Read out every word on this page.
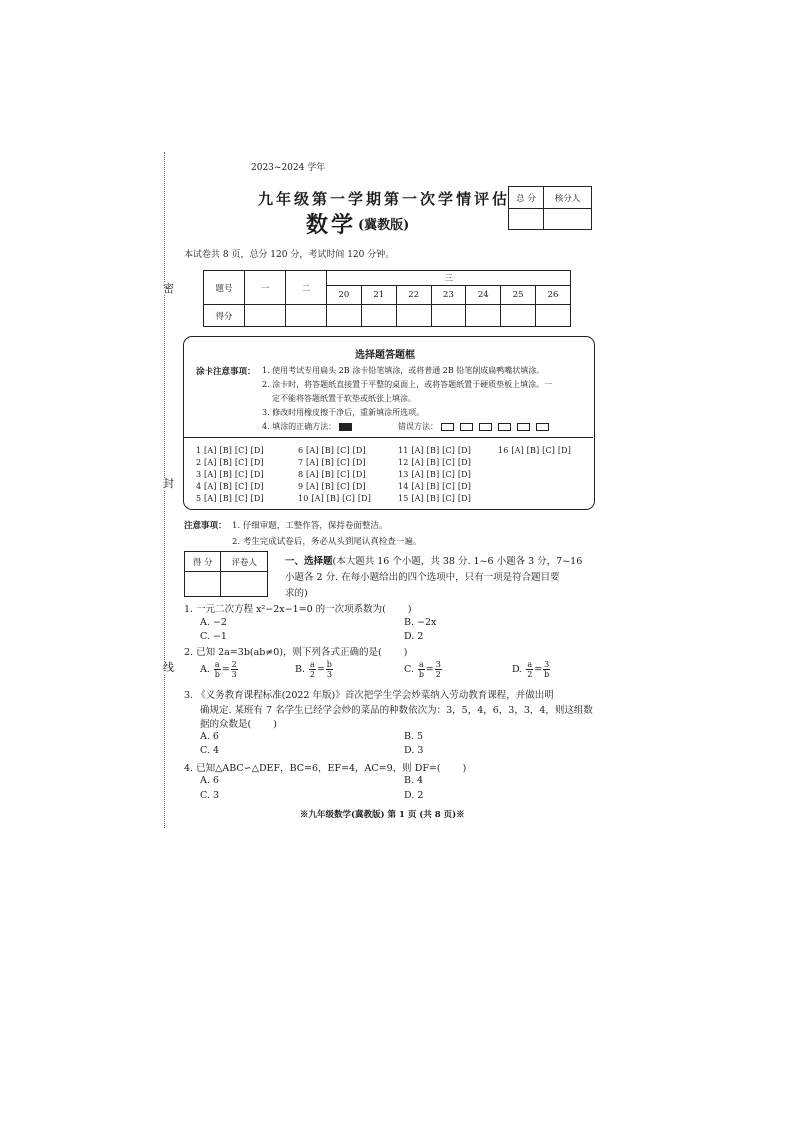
密
封
线
2023~2024 学年
九年级第一学期第一次学情评估
数学 (冀教版)
总 分	核分人

本试卷共 8 页，总分 120 分，考试时间 120 分钟。
题号	一	二	三						
			20	21	22	23	24	25	26
得分									
选择题答题框
涂卡注意事项： 1. 使用考试专用扁头 2B 涂卡铅笔填涂，或将普通 2B 铅笔削成扁鸭嘴状填涂。
2. 涂卡时，将答题纸直接置于平整的桌面上，或将答题纸置于硬质垫板上填涂。一
定不能将答题纸置于软垫或纸张上填涂。
3. 修改时用橡皮擦干净后，重新填涂所选项。
4. 填涂的正确方法：	错误方法：
1 [A] [B] [C] [D]	6 [A] [B] [C] [D]	11 [A] [B] [C] [D]	16 [A] [B] [C] [D]
2 [A] [B] [C] [D]	7 [A] [B] [C] [D]	12 [A] [B] [C] [D]
3 [A] [B] [C] [D]	8 [A] [B] [C] [D]	13 [A] [B] [C] [D]
4 [A] [B] [C] [D]	9 [A] [B] [C] [D]	14 [A] [B] [C] [D]
5 [A] [B] [C] [D]	10 [A] [B] [C] [D]	15 [A] [B] [C] [D]
注意事项： 1. 仔细审题，工整作答，保持卷面整洁。
2. 考生完成试卷后，务必从头到尾认真检查一遍。
得 分	评卷人
		一、选择题(本大题共 16 个小题，共 38 分. 1~6 小题各 3 分，7~16
小题各 2 分. 在每小题给出的四个选项中，只有一项是符合题目要
求的)
1. 一元二次方程 x²−2x−1=0 的一次项系数为( )
A. −2	B. −2x
C. −1	D. 2
2. 已知 2a=3b(ab≠0)，则下列各式正确的是( )
A. $\frac{a}{b} = \frac{2}{3}$	B. $\frac{a}{2} = \frac{b}{3}$	C. $\frac{a}{b} = \frac{3}{2}$	D. $\frac{a}{2} = \frac{3}{b}$
3. 《义务教育课程标准(2022 年版)》首次把学生学会炒菜纳入劳动教育课程，并做出明
确规定. 某班有 7 名学生已经学会炒的菜品的种数依次为：3，5，4，6，3，3，4，则这组数
据的众数是( )
A. 6	B. 5
C. 4	D. 3
4. 已知△ABC∽△DEF，BC=6，EF=4，AC=9，则 DF=( )
A. 6	B. 4
C. 3	D. 2
※九年级数学(冀教版) 第 1 页 (共 8 页)※
